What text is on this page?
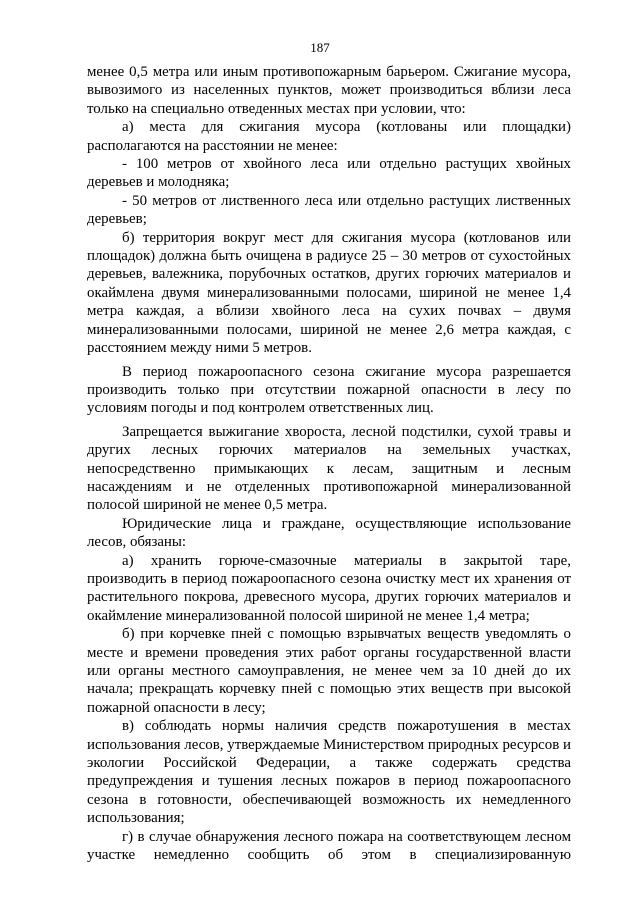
187

менее 0,5 метра или иным противопожарным барьером. Сжигание мусора, вывозимого из населенных пунктов, может производиться вблизи леса только на специально отведенных местах при условии, что:

а) места для сжигания мусора (котлованы или площадки) располагаются на расстоянии не менее:

- 100 метров от хвойного леса или отдельно растущих хвойных деревьев и молодняка;

- 50 метров от лиственного леса или отдельно растущих лиственных деревьев;

б) территория вокруг мест для сжигания мусора (котлованов или площадок) должна быть очищена в радиусе 25 – 30 метров от сухостойных деревьев, валежника, порубочных остатков, других горючих материалов и окаймлена двумя минерализованными полосами, шириной не менее 1,4 метра каждая, а вблизи хвойного леса на сухих почвах – двумя минерализованными полосами, шириной не менее 2,6 метра каждая, с расстоянием между ними 5 метров.

В период пожароопасного сезона сжигание мусора разрешается производить только при отсутствии пожарной опасности в лесу по условиям погоды и под контролем ответственных лиц.

Запрещается выжигание хвороста, лесной подстилки, сухой травы и других лесных горючих материалов на земельных участках, непосредственно примыкающих к лесам, защитным и лесным насаждениям и не отделенных противопожарной минерализованной полосой шириной не менее 0,5 метра.

Юридические лица и граждане, осуществляющие использование лесов, обязаны:

а) хранить горюче-смазочные материалы в закрытой таре, производить в период пожароопасного сезона очистку мест их хранения от растительного покрова, древесного мусора, других горючих материалов и окаймление минерализованной полосой шириной не менее 1,4 метра;

б) при корчевке пней с помощью взрывчатых веществ уведомлять о месте и времени проведения этих работ органы государственной власти или органы местного самоуправления, не менее чем за 10 дней до их начала; прекращать корчевку пней с помощью этих веществ при высокой пожарной опасности в лесу;

в) соблюдать нормы наличия средств пожаротушения в местах использования лесов, утверждаемые Министерством природных ресурсов и экологии Российской Федерации, а также содержать средства предупреждения и тушения лесных пожаров в период пожароопасного сезона в готовности, обеспечивающей возможность их немедленного использования;

г) в случае обнаружения лесного пожара на соответствующем лесном участке немедленно сообщить об этом в специализированную
